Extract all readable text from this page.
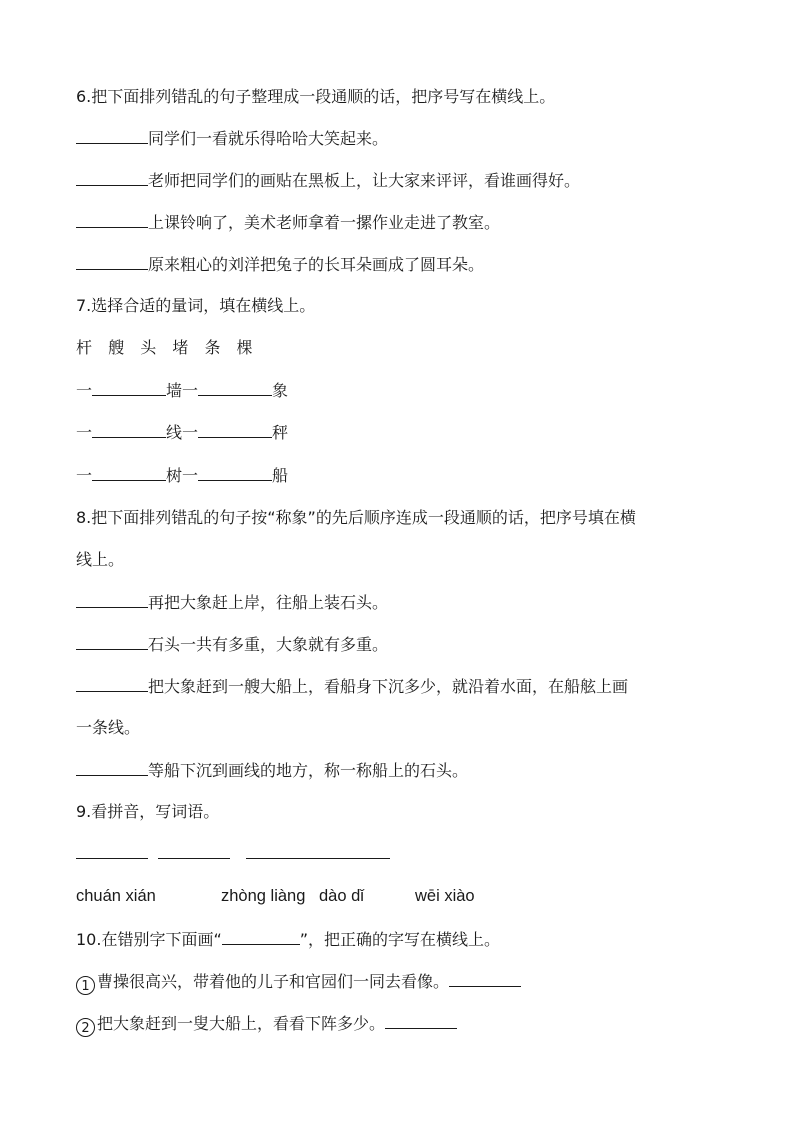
6.把下面排列错乱的句子整理成一段通顺的话，把序号写在横线上。
同学们一看就乐得哈哈大笑起来。
老师把同学们的画贴在黑板上，让大家来评评，看谁画得好。
上课铃响了，美术老师拿着一摞作业走进了教室。
原来粗心的刘洋把兔子的长耳朵画成了圆耳朵。
7.选择合适的量词，填在横线上。
杆 艘 头 堵 条 棵
一	墙一	象
一	线一	秤
一	树一	船
8.把下面排列错乱的句子按“称象”的先后顺序连成一段通顺的话，把序号填在横
线上。
再把大象赶上岸，往船上装石头。
石头一共有多重，大象就有多重。
把大象赶到一艘大船上，看船身下沉多少，就沿着水面，在船舷上画
一条线。
等船下沉到画线的地方，称一称船上的石头。
9.看拼音，写词语。
chuán xián	zhòng liàng dào dǐ	wēi xiào
10.在错别字下面画“	”，把正确的字写在横线上。
1 曹操很高兴，带着他的儿子和官园们一同去看像。
2 把大象赶到一叟大船上，看看下阵多少。
